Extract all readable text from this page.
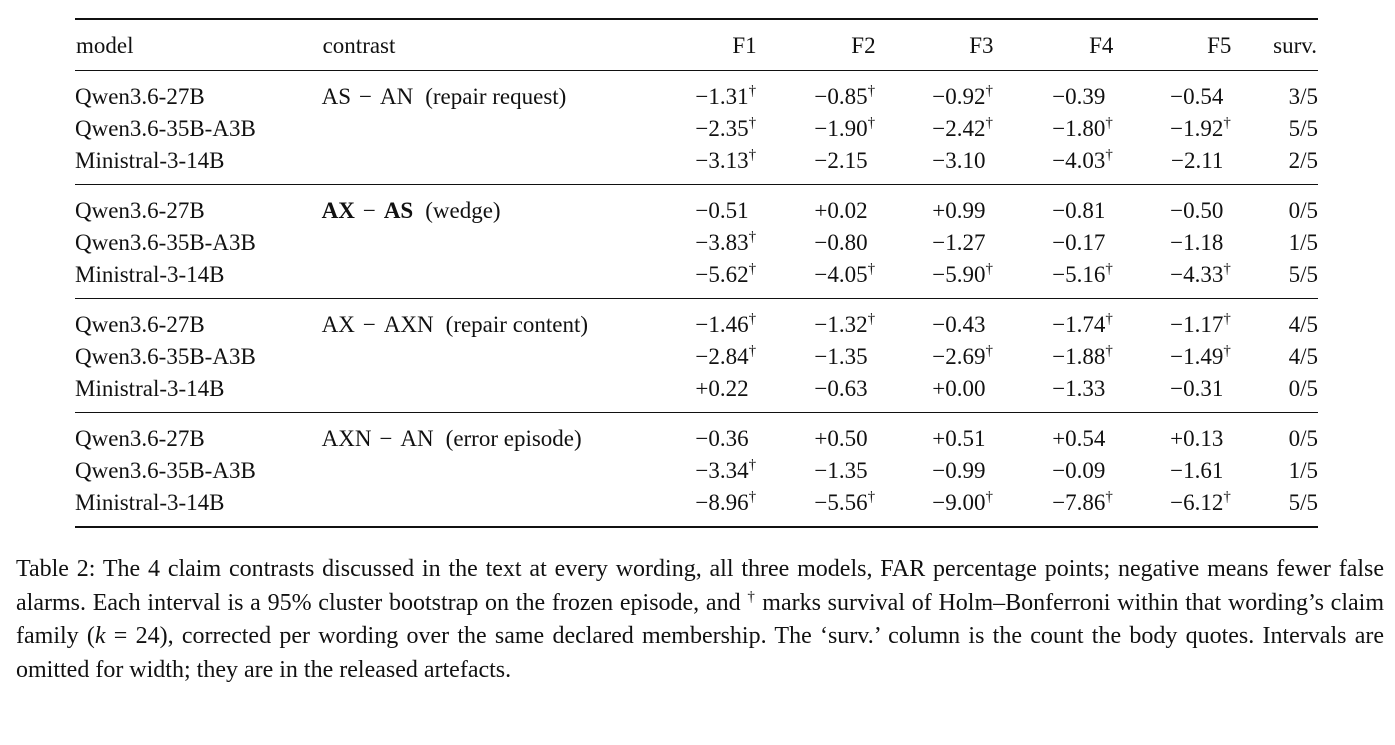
model	contrast	F1	F2	F3	F4	F5	surv.
Qwen3.6-27B	AS − AN (repair request)	−1.31†	−0.85†	−0.92†	−0.39	−0.54	3/5
Qwen3.6-35B-A3B		−2.35†	−1.90†	−2.42†	−1.80†	−1.92†	5/5
Ministral-3-14B		−3.13†	−2.15	−3.10	−4.03†	−2.11	2/5
Qwen3.6-27B	AX − AS (wedge)	−0.51	+0.02	+0.99	−0.81	−0.50	0/5
Qwen3.6-35B-A3B		−3.83†	−0.80	−1.27	−0.17	−1.18	1/5
Ministral-3-14B		−5.62†	−4.05†	−5.90†	−5.16†	−4.33†	5/5
Qwen3.6-27B	AX − AXN (repair content)	−1.46†	−1.32†	−0.43	−1.74†	−1.17†	4/5
Qwen3.6-35B-A3B		−2.84†	−1.35	−2.69†	−1.88†	−1.49†	4/5
Ministral-3-14B		+0.22	−0.63	+0.00	−1.33	−0.31	0/5
Qwen3.6-27B	AXN − AN (error episode)	−0.36	+0.50	+0.51	+0.54	+0.13	0/5
Qwen3.6-35B-A3B		−3.34†	−1.35	−0.99	−0.09	−1.61	1/5
Ministral-3-14B		−8.96†	−5.56†	−9.00†	−7.86†	−6.12†	5/5
Table 2: The 4 claim contrasts discussed in the text at every wording, all three models, FAR percentage points; negative means fewer false alarms. Each interval is a 95% cluster bootstrap on the frozen episode, and † marks survival of Holm–Bonferroni within that wording’s claim family (k = 24), corrected per wording over the same declared membership. The ‘surv.’ column is the count the body quotes. Intervals are omitted for width; they are in the released artefacts.
